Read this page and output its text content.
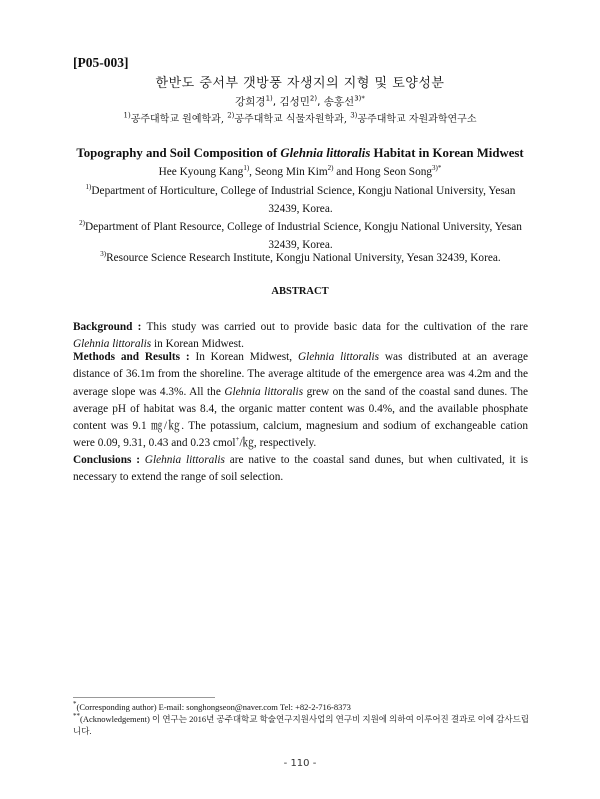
[P05-003]
한반도 중서부 갯방풍 자생지의 지형 및 토양성분
강희경$^{1)}$, 김성민$^{2)}$, 송홍선$^{3)*}$
$^{1)}$공주대학교 원예학과, $^{2)}$공주대학교 식물자원학과, $^{3)}$공주대학교 자원과학연구소
Topography and Soil Composition of Glehnia littoralis Habitat in Korean Midwest
Hee Kyoung Kang$^{1)}$, Seong Min Kim$^{2)}$ and Hong Seon Song$^{3)*}$
$^{1)}$Department of Horticulture, College of Industrial Science, Kongju National University, Yesan 32439, Korea.
$^{2)}$Department of Plant Resource, College of Industrial Science, Kongju National University, Yesan 32439, Korea.
$^{3)}$Resource Science Research Institute, Kongju National University, Yesan 32439, Korea.
ABSTRACT
Background : This study was carried out to provide basic data for the cultivation of the rare Glehnia littoralis in Korean Midwest.
Methods and Results : In Korean Midwest, Glehnia littoralis was distributed at an average distance of 36.1m from the shoreline. The average altitude of the emergence area was 4.2m and the average slope was 4.3%. All the Glehnia littoralis grew on the sand of the coastal sand dunes. The average pH of habitat was 8.4, the organic matter content was 0.4%, and the available phosphate content was 9.1 ㎎/㎏. The potassium, calcium, magnesium and sodium of exchangeable cation were 0.09, 9.31, 0.43 and 0.23 cmol+/㎏, respectively.
Conclusions : Glehnia littoralis are native to the coastal sand dunes, but when cultivated, it is necessary to extend the range of soil selection.
*(Corresponding author) E-mail: songhongseon@naver.com Tel: +82-2-716-8373
**(Acknowledgement) 이 연구는 2016년 공주대학교 학술연구지원사업의 연구비 지원에 의하여 이루어진 결과로 이에 감사드립니다.
- 110 -
